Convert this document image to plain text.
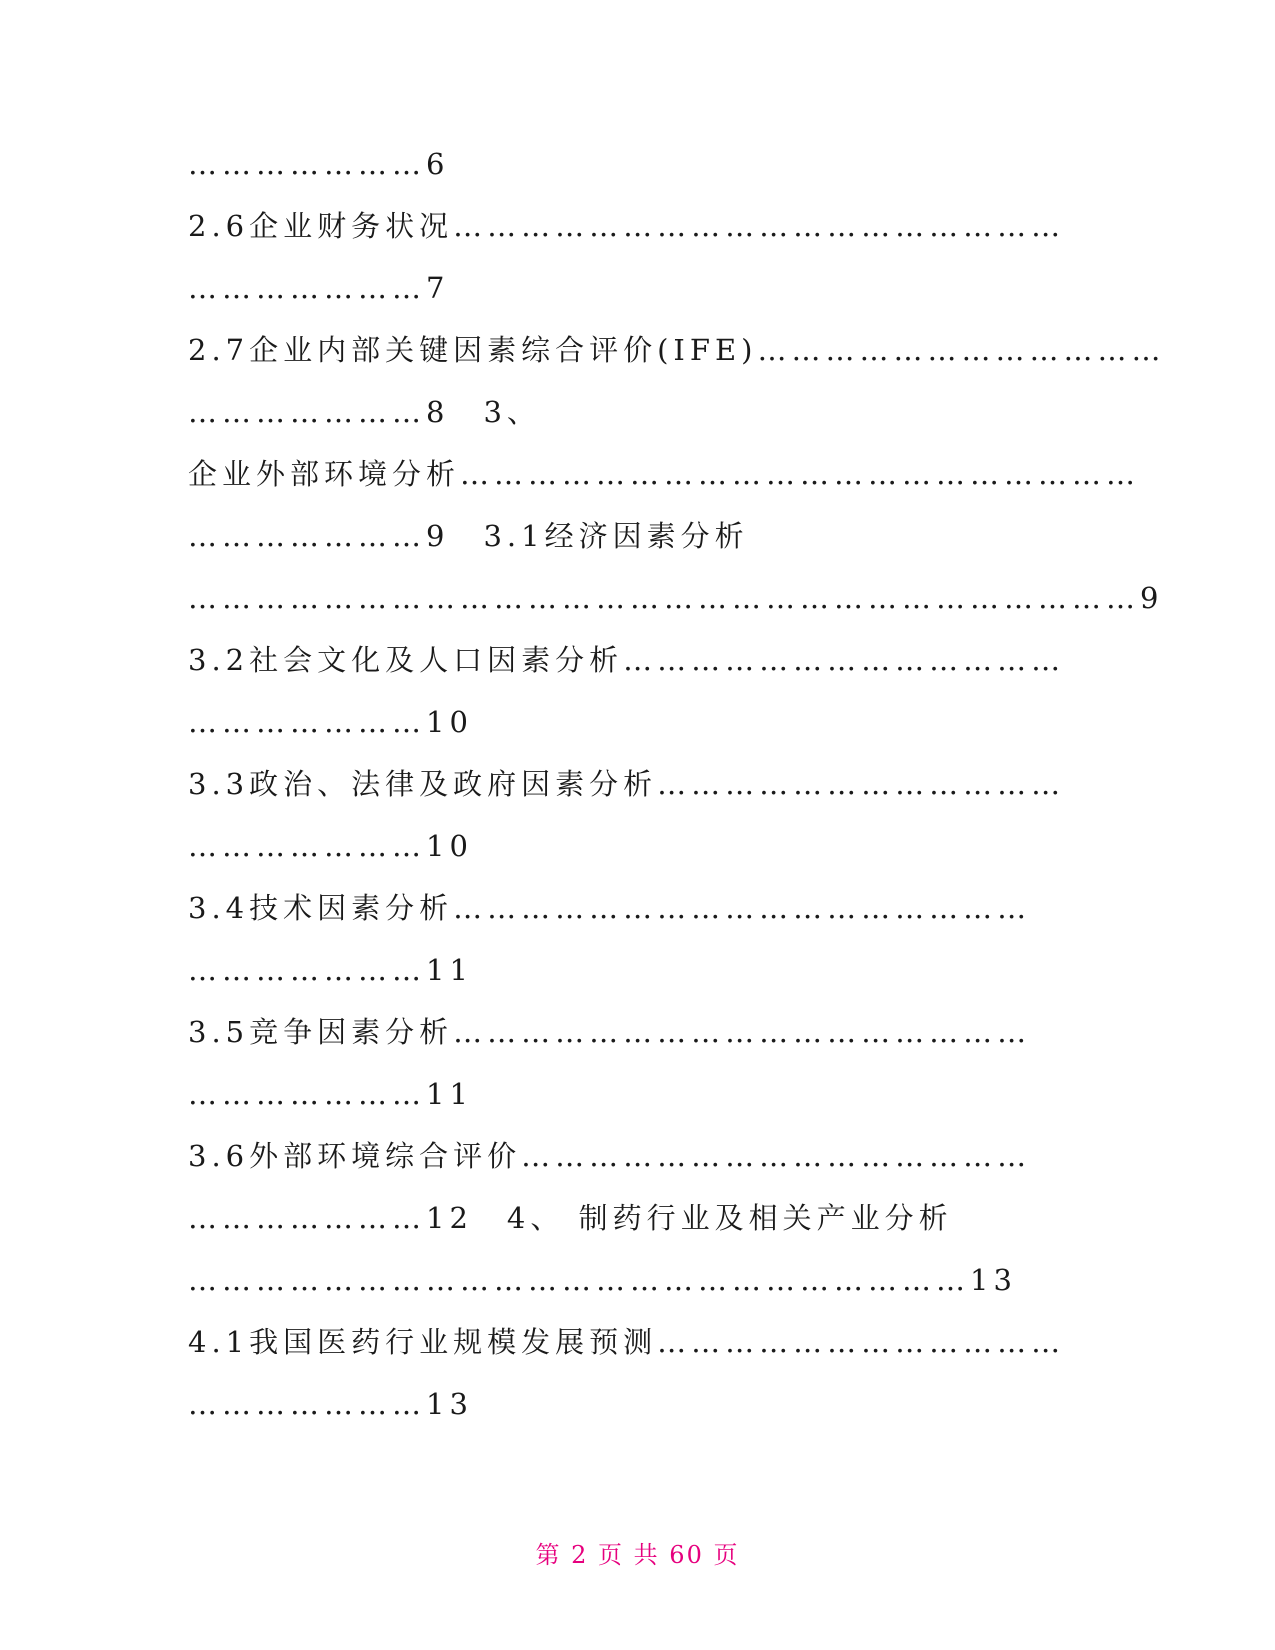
…………………6
2.6企业财务状况………………………………………………
…………………7
2.7企业内部关键因素综合评价(IFE)………………………………
…………………8　3、
企业外部环境分析……………………………………………………
…………………9　3.1经济因素分析
…………………………………………………………………………9
3.2社会文化及人口因素分析…………………………………
…………………10
3.3政治、法律及政府因素分析………………………………
…………………10
3.4技术因素分析……………………………………………
…………………11
3.5竞争因素分析……………………………………………
…………………11
3.6外部环境综合评价………………………………………
…………………12　4、 制药行业及相关产业分析
……………………………………………………………13
4.1我国医药行业规模发展预测………………………………
…………………13
第 2 页 共 60 页
